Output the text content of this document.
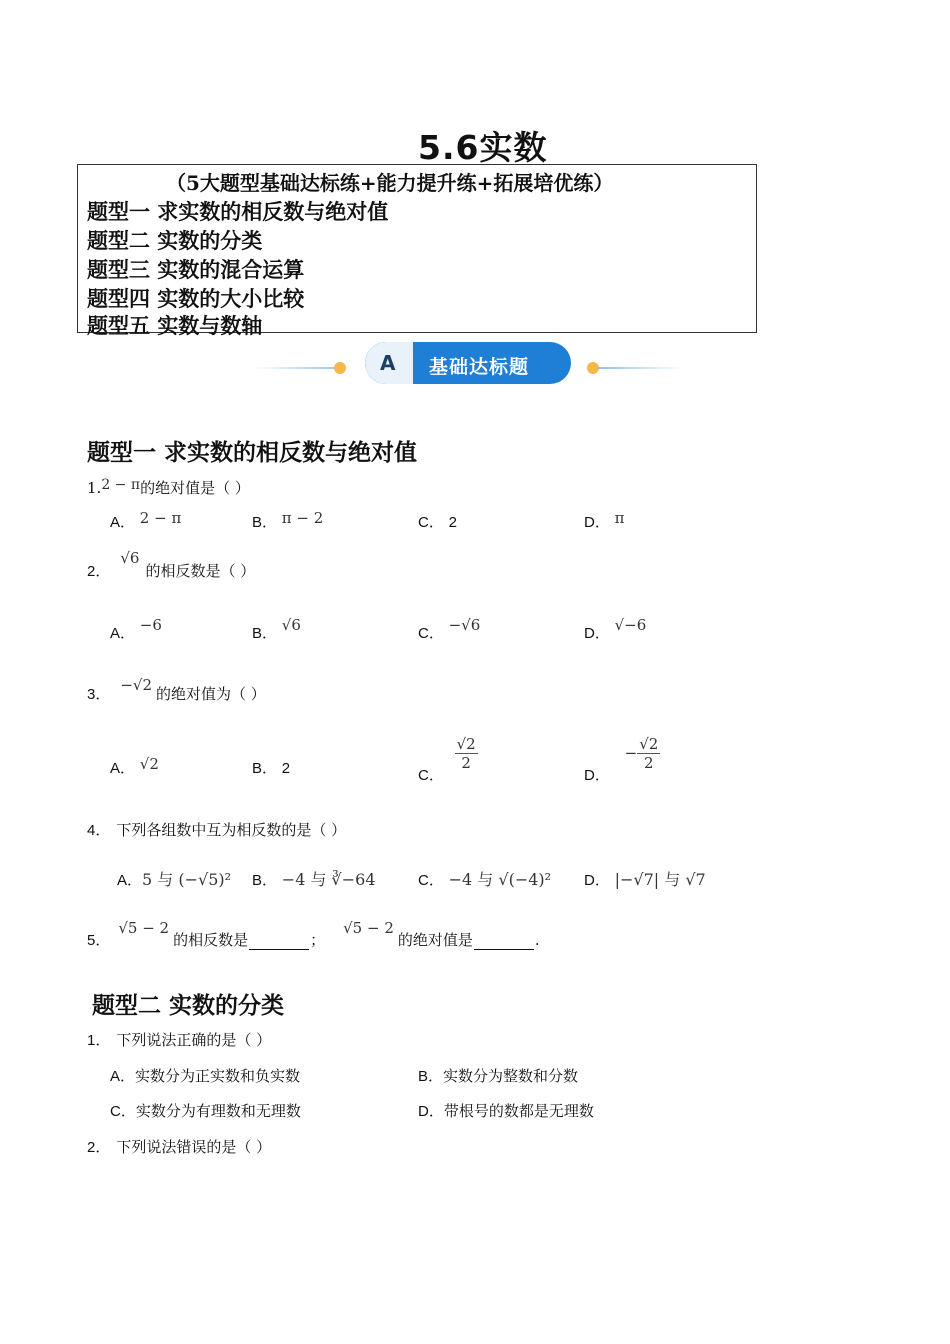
5.6实数
（5大题型基础达标练+能力提升练+拓展培优练）
题型一 求实数的相反数与绝对值
题型二 实数的分类
题型三 实数的混合运算
题型四 实数的大小比较
题型五 实数与数轴
A 基础达标题
题型一 求实数的相反数与绝对值
1.2 − π的绝对值是（ ）
A． 2 − π	B． π − 2	C． 2	D． π
2．√6的相反数是（ ）
A． −6	B． √6	C． −√6	D． √−6
3．−√2 的绝对值为（ ）
A． √2	B． 2	C．
$\frac{√2}{2}$
D． − $\frac{√2}{2}$
4． 下列各组数中互为相反数的是（ ）
A．5 与 (−√5)² B． −4 与 ∛−64	C． −4 与 √(−4)² D． |−√7| 与 √7
5．√5 − 2的相反数是	；√5 − 2的绝对值是	.
题型二 实数的分类
1． 下列说法正确的是（ ）
A．实数分为正实数和负实数	B．实数分为整数和分数
C．实数分为有理数和无理数	D．带根号的数都是无理数
2． 下列说法错误的是（ ）
